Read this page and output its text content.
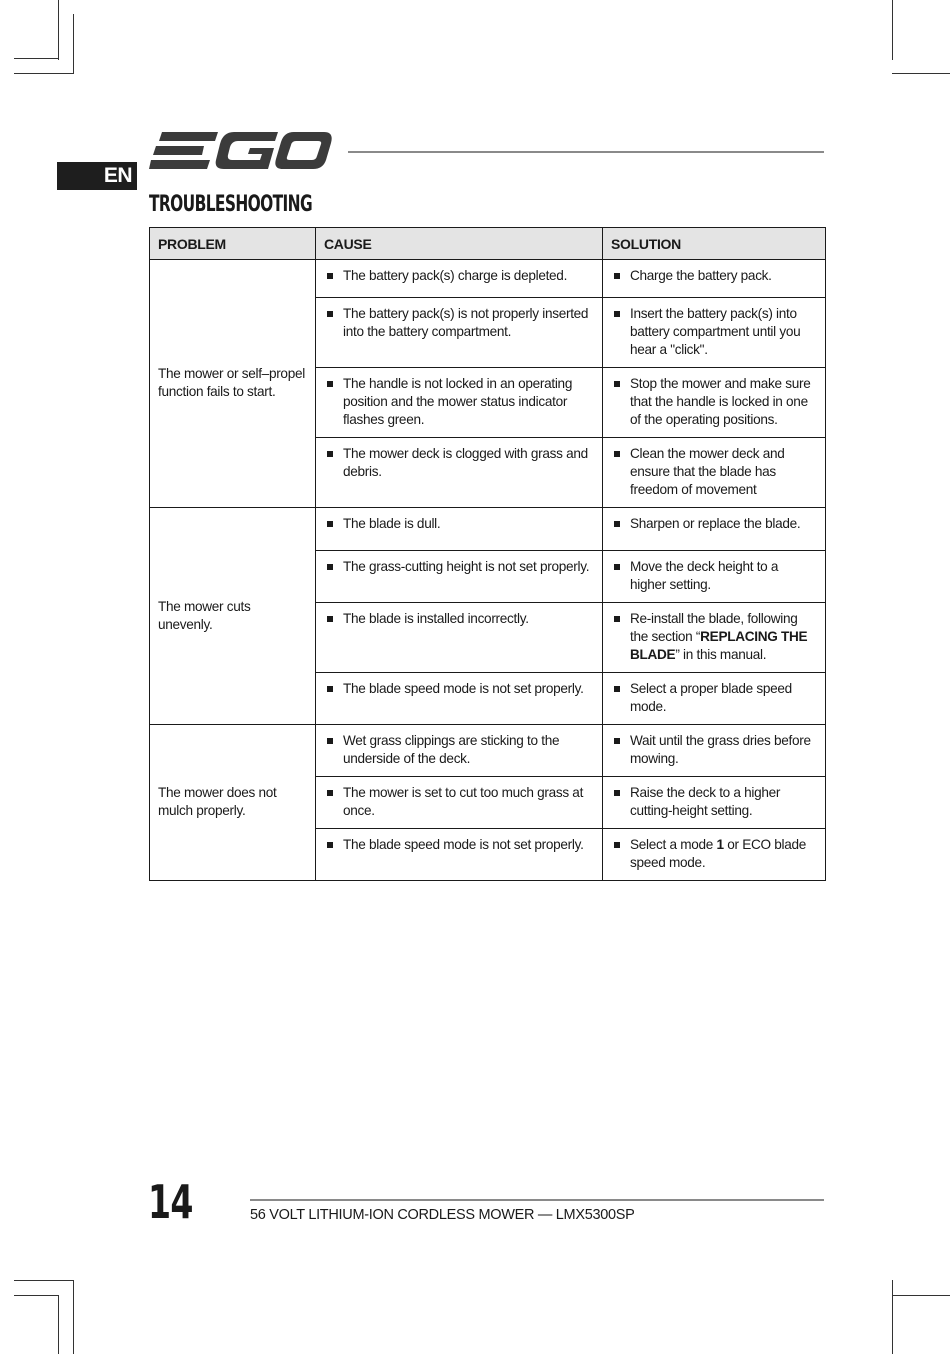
EN
TROUBLESHOOTING
PROBLEM	CAUSE	SOLUTION
The mower or self–propel function fails to start.	The battery pack(s) charge is depleted.	Charge the battery pack.

	The battery pack(s) is not properly inserted into the battery compartment.	Insert the battery pack(s) into battery compartment until you hear a "click".

	The handle is not locked in an operating position and the mower status indicator flashes green.	Stop the mower and make sure that the handle is locked in one of the operating positions.

	The mower deck is clogged with grass and debris.	Clean the mower deck and ensure that the blade has freedom of movement

The mower cuts unevenly.	The blade is dull.	Sharpen or replace the blade.

	The grass-cutting height is not set properly.	Move the deck height to a higher setting.

	The blade is installed incorrectly.	Re-install the blade, following the section “REPLACING THE BLADE” in this manual.

	The blade speed mode is not set properly.	Select a proper blade speed mode.

The mower does not mulch properly.	Wet grass clippings are sticking to the underside of the deck.	Wait until the grass dries before mowing.

	The mower is set to cut too much grass at once.	Raise the deck to a higher cutting-height setting.

	The blade speed mode is not set properly.	Select a mode 1 or ECO blade speed mode.
14	56 VOLT LITHIUM-ION CORDLESS MOWER — LMX5300SP
